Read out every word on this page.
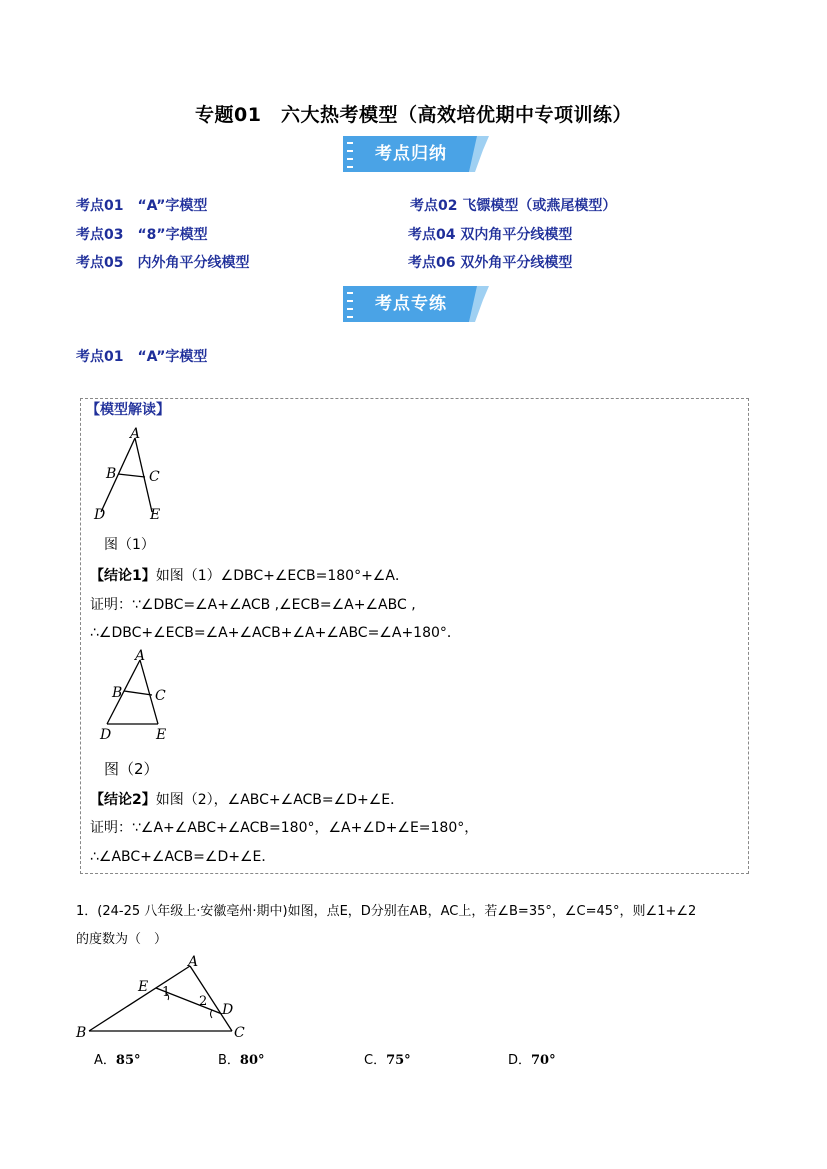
专题01　六大热考模型（高效培优期中专项训练）
考点归纳
考点01　“A”字模型	考点02 飞镖模型（或燕尾模型）
考点03　“8”字模型	考点04 双内角平分线模型
考点05　内外角平分线模型	考点06 双外角平分线模型
考点专练
考点01　“A”字模型
【模型解读】
A
B C
D	E
图（1）
【结论1】如图（1）∠DBC+∠ECB=180°+∠A．
证明：∵∠DBC=∠A+∠ACB ,∠ECB=∠A+∠ABC ,
∴∠DBC+∠ECB=∠A+∠ACB+∠A+∠ABC=∠A+180°．
A
B C
D	E
图（2）
【结论2】如图（2），∠ABC+∠ACB=∠D+∠E．
证明：∵∠A+∠ABC+∠ACB=180°，∠A+∠D+∠E=180°，
∴∠ABC+∠ACB=∠D+∠E．
1．(24-25 八年级上·安徽亳州·期中)如图，点E，D分别在AB，AC上，若∠B=35°，∠C=45°，则∠1+∠2
的度数为（　）
A
E 1
2
D
B	C
A．85°	B．80°	C．75°	D．70°
